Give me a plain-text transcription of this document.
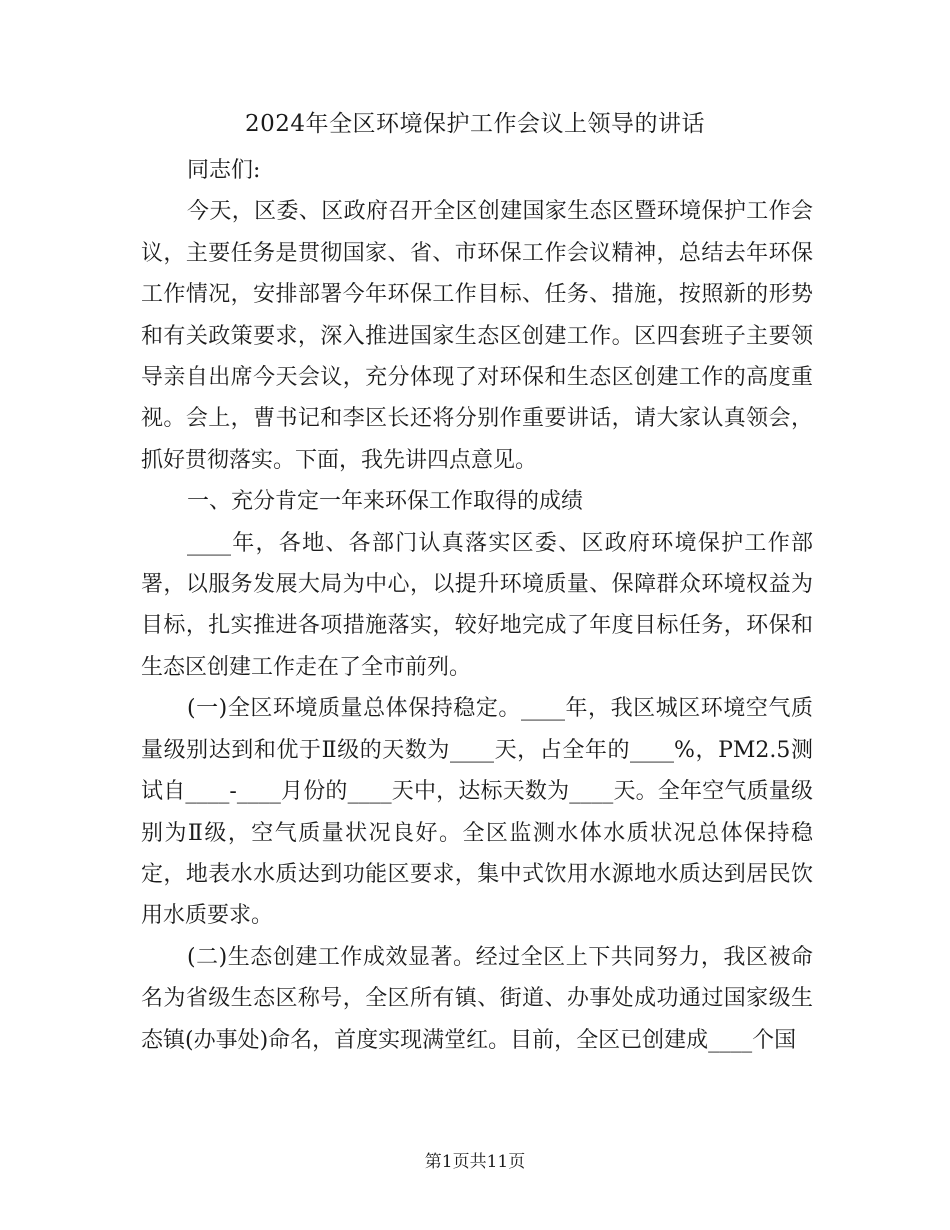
2024年全区环境保护工作会议上领导的讲话

同志们:

今天，区委、区政府召开全区创建国家生态区暨环境保护工作会议，主要任务是贯彻国家、省、市环保工作会议精神，总结去年环保工作情况，安排部署今年环保工作目标、任务、措施，按照新的形势和有关政策要求，深入推进国家生态区创建工作。区四套班子主要领导亲自出席今天会议，充分体现了对环保和生态区创建工作的高度重视。会上，曹书记和李区长还将分别作重要讲话，请大家认真领会，抓好贯彻落实。下面，我先讲四点意见。

一、充分肯定一年来环保工作取得的成绩

____年，各地、各部门认真落实区委、区政府环境保护工作部署，以服务发展大局为中心，以提升环境质量、保障群众环境权益为目标，扎实推进各项措施落实，较好地完成了年度目标任务，环保和生态区创建工作走在了全市前列。

(一)全区环境质量总体保持稳定。____年，我区城区环境空气质量级别达到和优于Ⅱ级的天数为____天，占全年的____%，PM2.5测试自____-____月份的____天中，达标天数为____天。全年空气质量级别为Ⅱ级，空气质量状况良好。全区监测水体水质状况总体保持稳定，地表水水质达到功能区要求，集中式饮用水源地水质达到居民饮用水质要求。

(二)生态创建工作成效显著。经过全区上下共同努力，我区被命名为省级生态区称号，全区所有镇、街道、办事处成功通过国家级生态镇(办事处)命名，首度实现满堂红。目前，全区已创建成____个国

第1页共11页
